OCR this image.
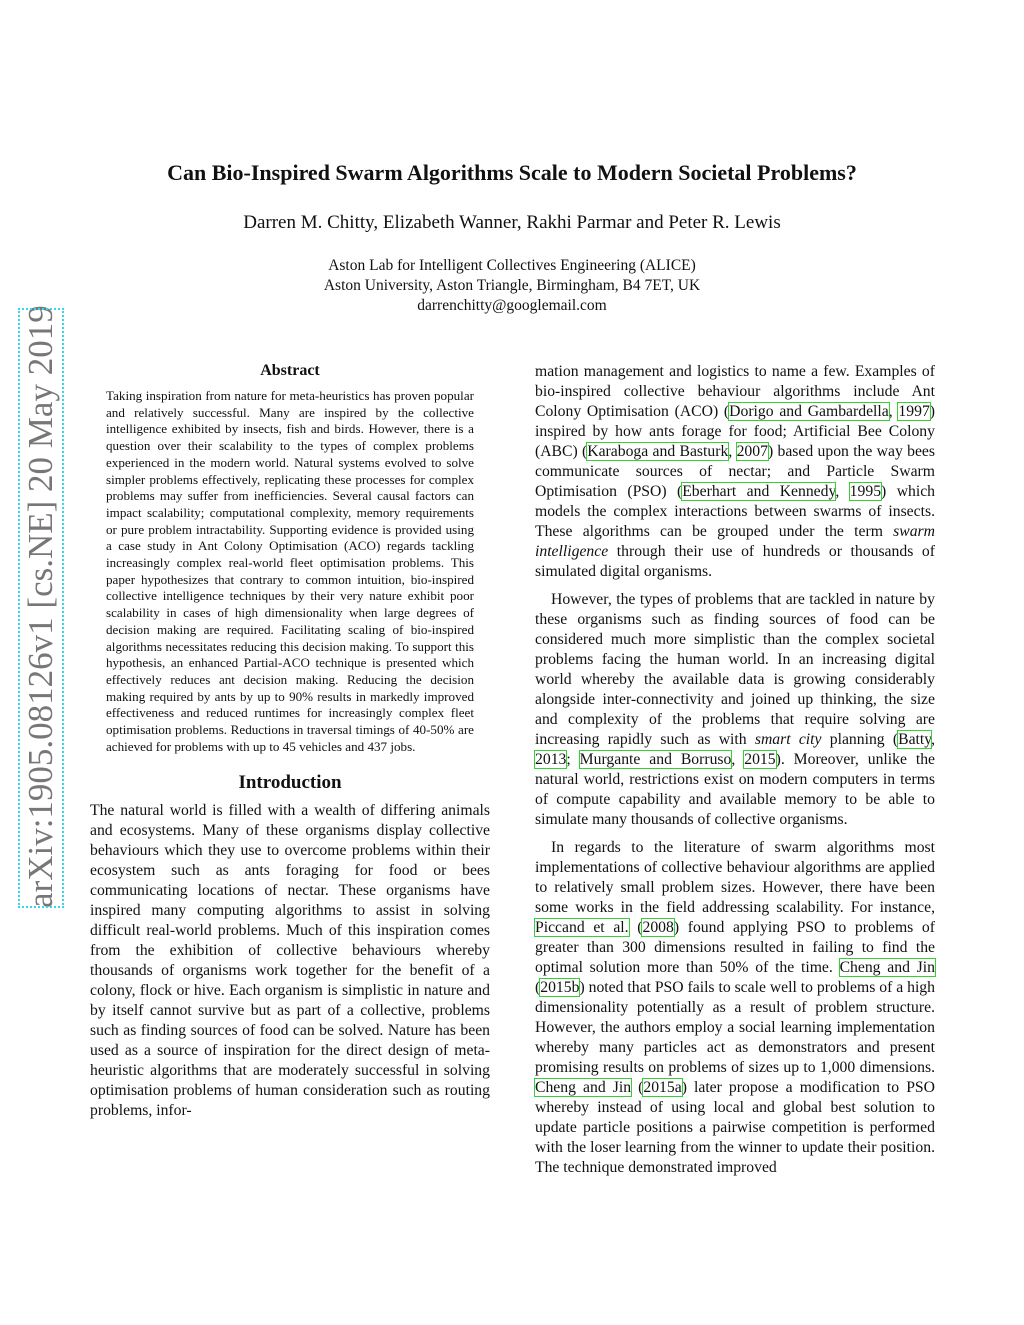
arXiv:1905.08126v1 [cs.NE] 20 May 2019
Can Bio-Inspired Swarm Algorithms Scale to Modern Societal Problems?
Darren M. Chitty, Elizabeth Wanner, Rakhi Parmar and Peter R. Lewis
Aston Lab for Intelligent Collectives Engineering (ALICE)
Aston University, Aston Triangle, Birmingham, B4 7ET, UK
darrenchitty@googlemail.com
Abstract

Taking inspiration from nature for meta-heuristics has proven popular and relatively successful. Many are inspired by the collective intelligence exhibited by insects, fish and birds. However, there is a question over their scalability to the types of complex problems experienced in the modern world. Natural systems evolved to solve simpler problems effectively, replicating these processes for complex problems may suffer from inefficiencies. Several causal factors can impact scalability; computational complexity, memory requirements or pure problem intractability. Supporting evidence is provided using a case study in Ant Colony Optimisation (ACO) regards tackling increasingly complex real-world fleet optimisation problems. This paper hypothesizes that contrary to common intuition, bio-inspired collective intelligence techniques by their very nature exhibit poor scalability in cases of high dimensionality when large degrees of decision making are required. Facilitating scaling of bio-inspired algorithms necessitates reducing this decision making. To support this hypothesis, an enhanced Partial-ACO technique is presented which effectively reduces ant decision making. Reducing the decision making required by ants by up to 90% results in markedly improved effectiveness and reduced runtimes for increasingly complex fleet optimisation problems. Reductions in traversal timings of 40-50% are achieved for problems with up to 45 vehicles and 437 jobs.

Introduction

The natural world is filled with a wealth of differing animals and ecosystems. Many of these organisms display collective behaviours which they use to overcome problems within their ecosystem such as ants foraging for food or bees communicating locations of nectar. These organisms have inspired many computing algorithms to assist in solving difficult real-world problems. Much of this inspiration comes from the exhibition of collective behaviours whereby thousands of organisms work together for the benefit of a colony, flock or hive. Each organism is simplistic in nature and by itself cannot survive but as part of a collective, problems such as finding sources of food can be solved. Nature has been used as a source of inspiration for the direct design of meta-heuristic algorithms that are moderately successful in solving optimisation problems of human consideration such as routing problems, infor-

mation management and logistics to name a few. Examples of bio-inspired collective behaviour algorithms include Ant Colony Optimisation (ACO) (Dorigo and Gambardella, 1997) inspired by how ants forage for food; Artificial Bee Colony (ABC) (Karaboga and Basturk, 2007) based upon the way bees communicate sources of nectar; and Particle Swarm Optimisation (PSO) (Eberhart and Kennedy, 1995) which models the complex interactions between swarms of insects. These algorithms can be grouped under the term swarm intelligence through their use of hundreds or thousands of simulated digital organisms.

However, the types of problems that are tackled in nature by these organisms such as finding sources of food can be considered much more simplistic than the complex societal problems facing the human world. In an increasing digital world whereby the available data is growing considerably alongside inter-connectivity and joined up thinking, the size and complexity of the problems that require solving are increasing rapidly such as with smart city planning (Batty, 2013; Murgante and Borruso, 2015). Moreover, unlike the natural world, restrictions exist on modern computers in terms of compute capability and available memory to be able to simulate many thousands of collective organisms.

In regards to the literature of swarm algorithms most implementations of collective behaviour algorithms are applied to relatively small problem sizes. However, there have been some works in the field addressing scalability. For instance, Piccand et al. (2008) found applying PSO to problems of greater than 300 dimensions resulted in failing to find the optimal solution more than 50% of the time. Cheng and Jin (2015b) noted that PSO fails to scale well to problems of a high dimensionality potentially as a result of problem structure. However, the authors employ a social learning implementation whereby many particles act as demonstrators and present promising results on problems of sizes up to 1,000 dimensions. Cheng and Jin (2015a) later propose a modification to PSO whereby instead of using local and global best solution to update particle positions a pairwise competition is performed with the loser learning from the winner to update their position. The technique demonstrated improved
